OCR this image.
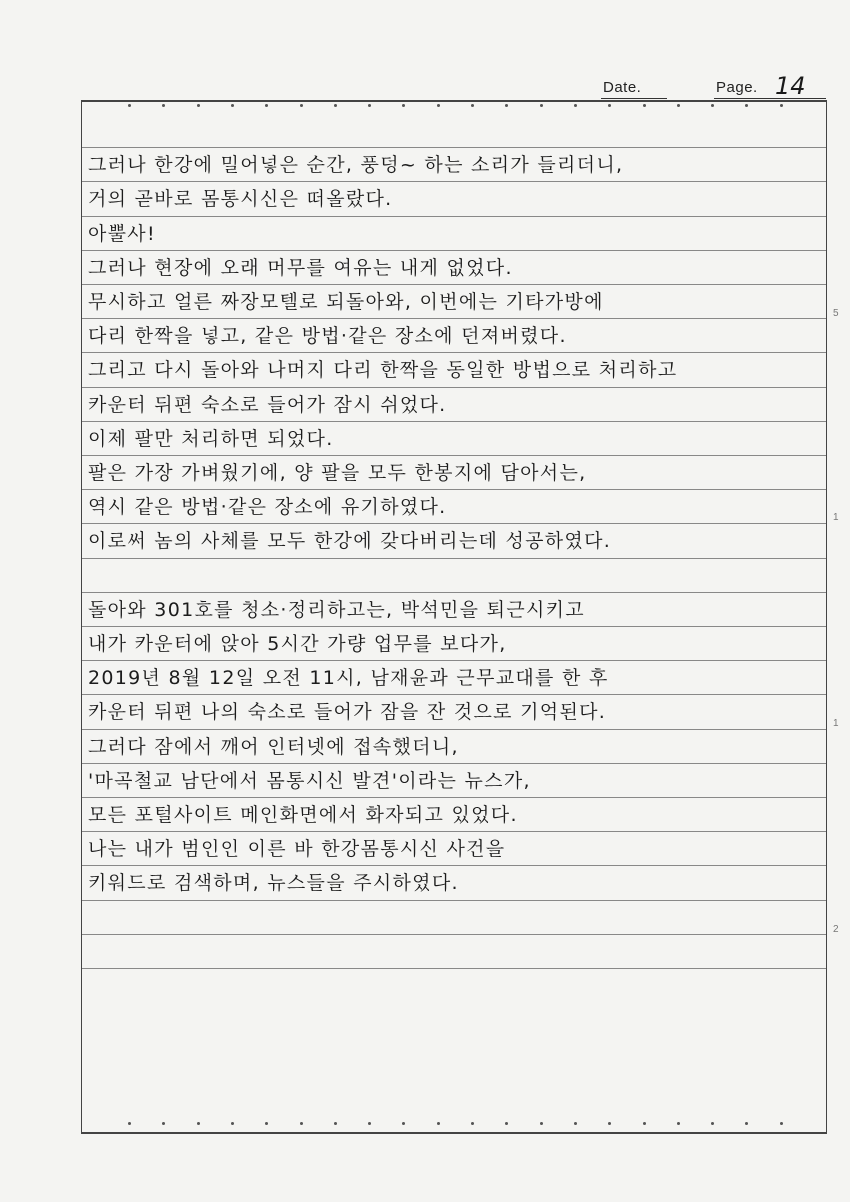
Date.	Page. 14
그러나 한강에 밀어넣은 순간, 풍덩~ 하는 소리가 들리더니,
거의 곧바로 몸통시신은 떠올랐다.
아뿔사!
그러나 현장에 오래 머무를 여유는 내게 없었다.
무시하고 얼른 짜장모텔로 되돌아와, 이번에는 기타가방에
다리 한짝을 넣고, 같은 방법·같은 장소에 던져버렸다.
그리고 다시 돌아와 나머지 다리 한짝을 동일한 방법으로 처리하고
카운터 뒤편 숙소로 들어가 잠시 쉬었다.
이제 팔만 처리하면 되었다.
팔은 가장 가벼웠기에, 양 팔을 모두 한봉지에 담아서는,
역시 같은 방법·같은 장소에 유기하였다.
이로써 놈의 사체를 모두 한강에 갖다버리는데 성공하였다.
돌아와 301호를 청소·정리하고는, 박석민을 퇴근시키고
내가 카운터에 앉아 5시간 가량 업무를 보다가,
2019년 8월 12일 오전 11시, 남재윤과 근무교대를 한 후
카운터 뒤편 나의 숙소로 들어가 잠을 잔 것으로 기억된다.
그러다 잠에서 깨어 인터넷에 접속했더니,
'마곡철교 남단에서 몸통시신 발견'이라는 뉴스가,
모든 포털사이트 메인화면에서 화자되고 있었다.
나는 내가 범인인 이른 바 한강몸통시신 사건을
키워드로 검색하며, 뉴스들을 주시하였다.
5
1
1
2
